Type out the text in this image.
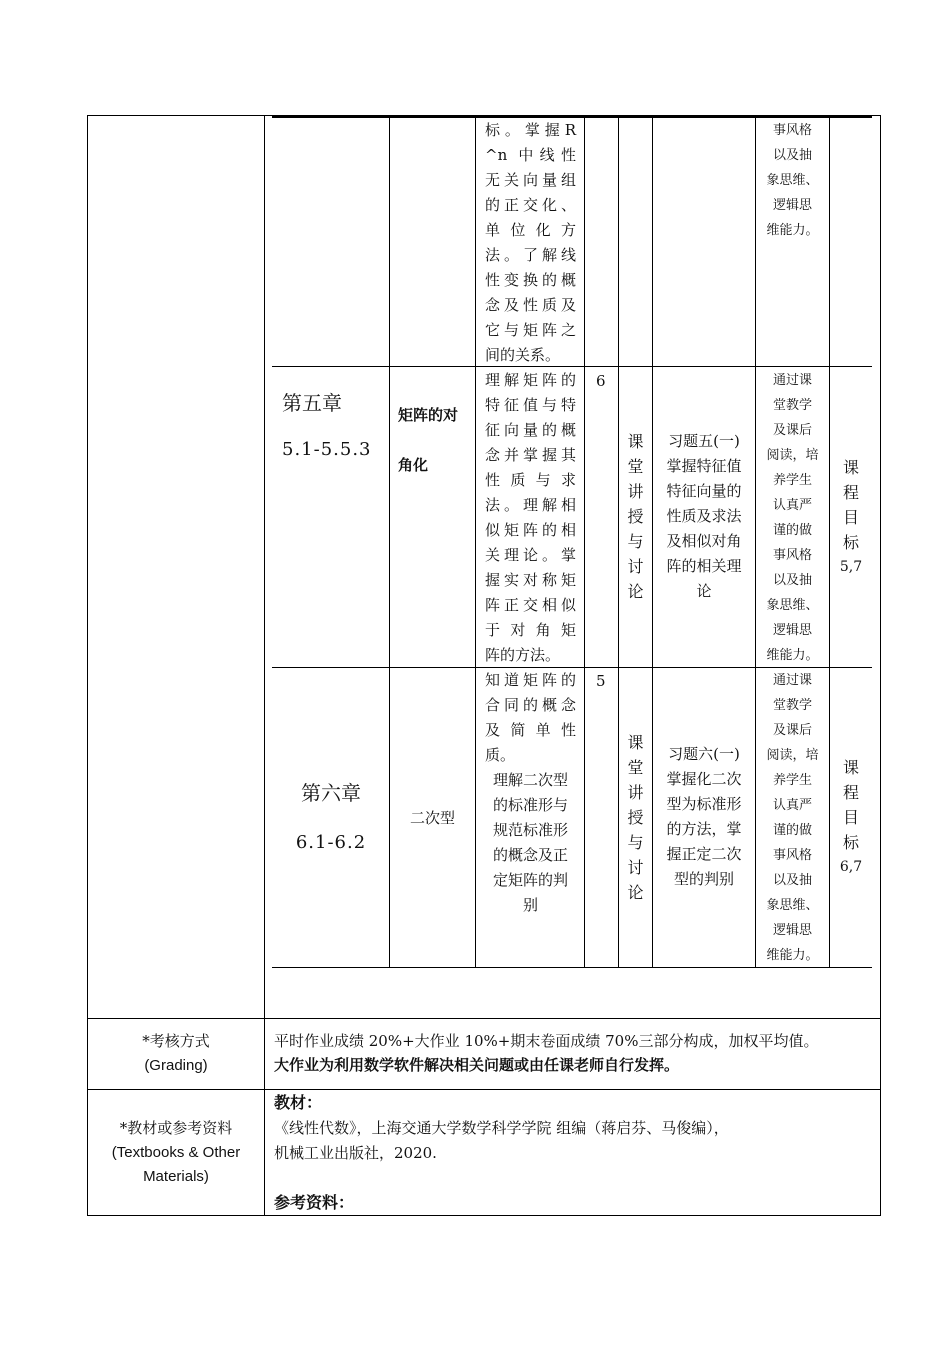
标。掌握R
^n 中线性
无关向量组
的正交化、
单位化方
法。了解线
性变换的概
念及性质及
它与矩阵之
间的关系。
事风格
以及抽
象思维、
逻辑思
维能力。
第五章
5.1-5.5.3
矩阵的对
角化
理解矩阵的
特征值与特
征向量的概
念并掌握其
性质与求
法。理解相
似矩阵的相
关理论。掌
握实对称矩
阵正交相似
于对角矩
阵的方法。
6
课
堂
讲
授
与
讨
论
习题五(一)
掌握特征值
特征向量的
性质及求法
及相似对角
阵的相关理
论
通过课
堂教学
及课后
阅读，培
养学生
认真严
谨的做
事风格
以及抽
象思维、
逻辑思
维能力。
课
程
目
标
5,7
第六章
6.1-6.2
二次型
知道矩阵的
合同的概念
及简单性
质。
理解二次型
的标准形与
规范标准形
的概念及正
定矩阵的判
别
5
课
堂
讲
授
与
讨
论
习题六(一)
掌握化二次
型为标准形
的方法，掌
握正定二次
型的判别
通过课
堂教学
及课后
阅读，培
养学生
认真严
谨的做
事风格
以及抽
象思维、
逻辑思
维能力。
课
程
目
标
6,7
*考核方式
(Grading)
平时作业成绩 20%+大作业 10%+期末卷面成绩 70%三部分构成，加权平均值。
大作业为利用数学软件解决相关问题或由任课老师自行发挥。
*教材或参考资料
(Textbooks & Other
Materials)
教材：
《线性代数》，上海交通大学数学科学学院 组编（蒋启芬、马俊编），
机械工业出版社，2020.
参考资料：
